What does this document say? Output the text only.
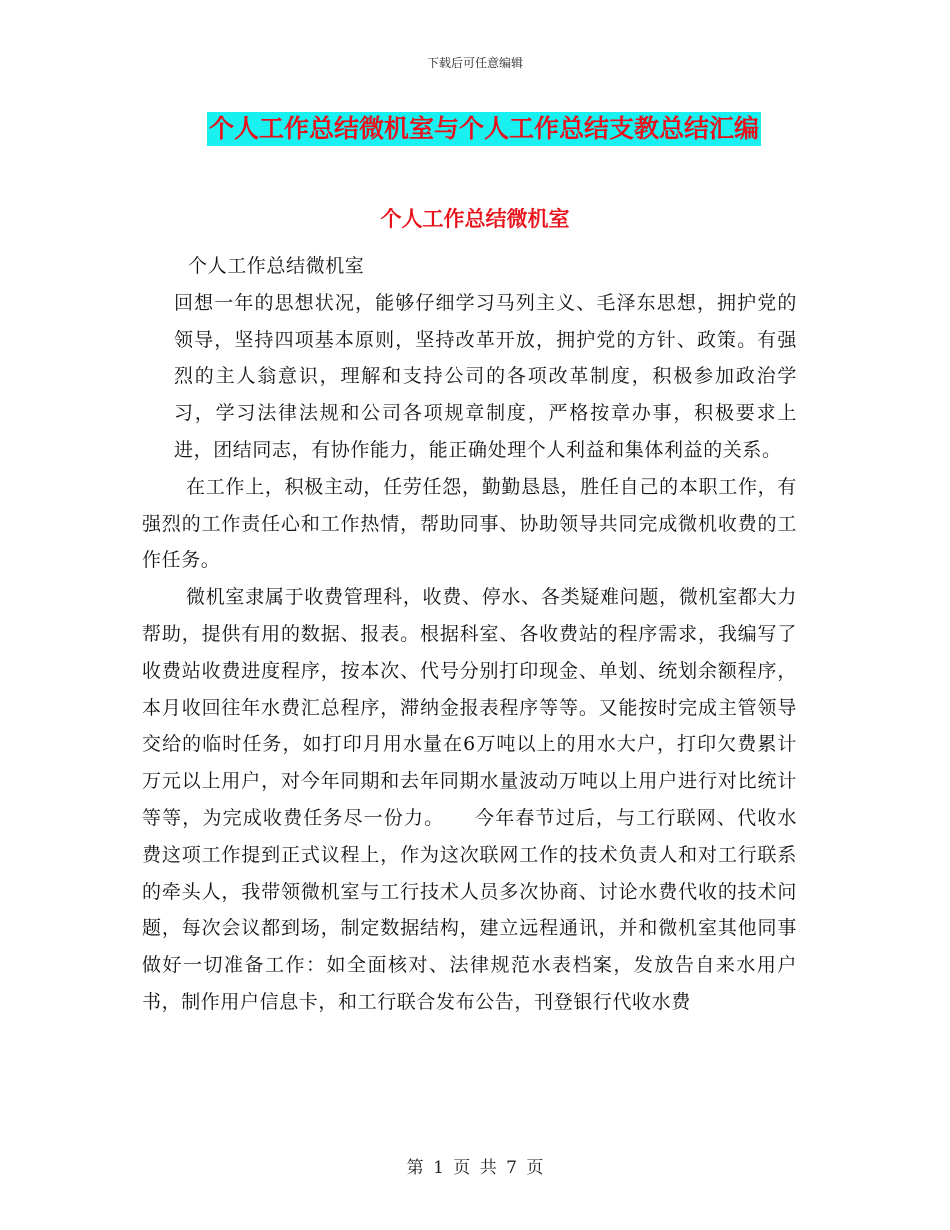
下载后可任意编辑
个人工作总结微机室与个人工作总结支教总结汇编
个人工作总结微机室

个人工作总结微机室

回想一年的思想状况，能够仔细学习马列主义、毛泽东思想，拥护党的领导，坚持四项基本原则，坚持改革开放，拥护党的方针、政策。有强烈的主人翁意识，理解和支持公司的各项改革制度，积极参加政治学习，学习法律法规和公司各项规章制度，严格按章办事，积极要求上进，团结同志，有协作能力，能正确处理个人利益和集体利益的关系。

在工作上，积极主动，任劳任怨，勤勤恳恳，胜任自己的本职工作，有强烈的工作责任心和工作热情，帮助同事、协助领导共同完成微机收费的工作任务。

微机室隶属于收费管理科，收费、停水、各类疑难问题，微机室都大力帮助，提供有用的数据、报表。根据科室、各收费站的程序需求，我编写了收费站收费进度程序，按本次、代号分别打印现金、单划、统划余额程序，本月收回往年水费汇总程序，滞纳金报表程序等等。又能按时完成主管领导交给的临时任务，如打印月用水量在6万吨以上的用水大户，打印欠费累计万元以上用户，对今年同期和去年同期水量波动万吨以上用户进行对比统计等等，为完成收费任务尽一份力。　　今年春节过后，与工行联网、代收水费这项工作提到正式议程上，作为这次联网工作的技术负责人和对工行联系的牵头人，我带领微机室与工行技术人员多次协商、讨论水费代收的技术问题，每次会议都到场，制定数据结构，建立远程通讯，并和微机室其他同事做好一切准备工作：如全面核对、法律规范水表档案，发放告自来水用户书，制作用户信息卡，和工行联合发布公告，刊登银行代收水费

第 1 页 共 7 页
